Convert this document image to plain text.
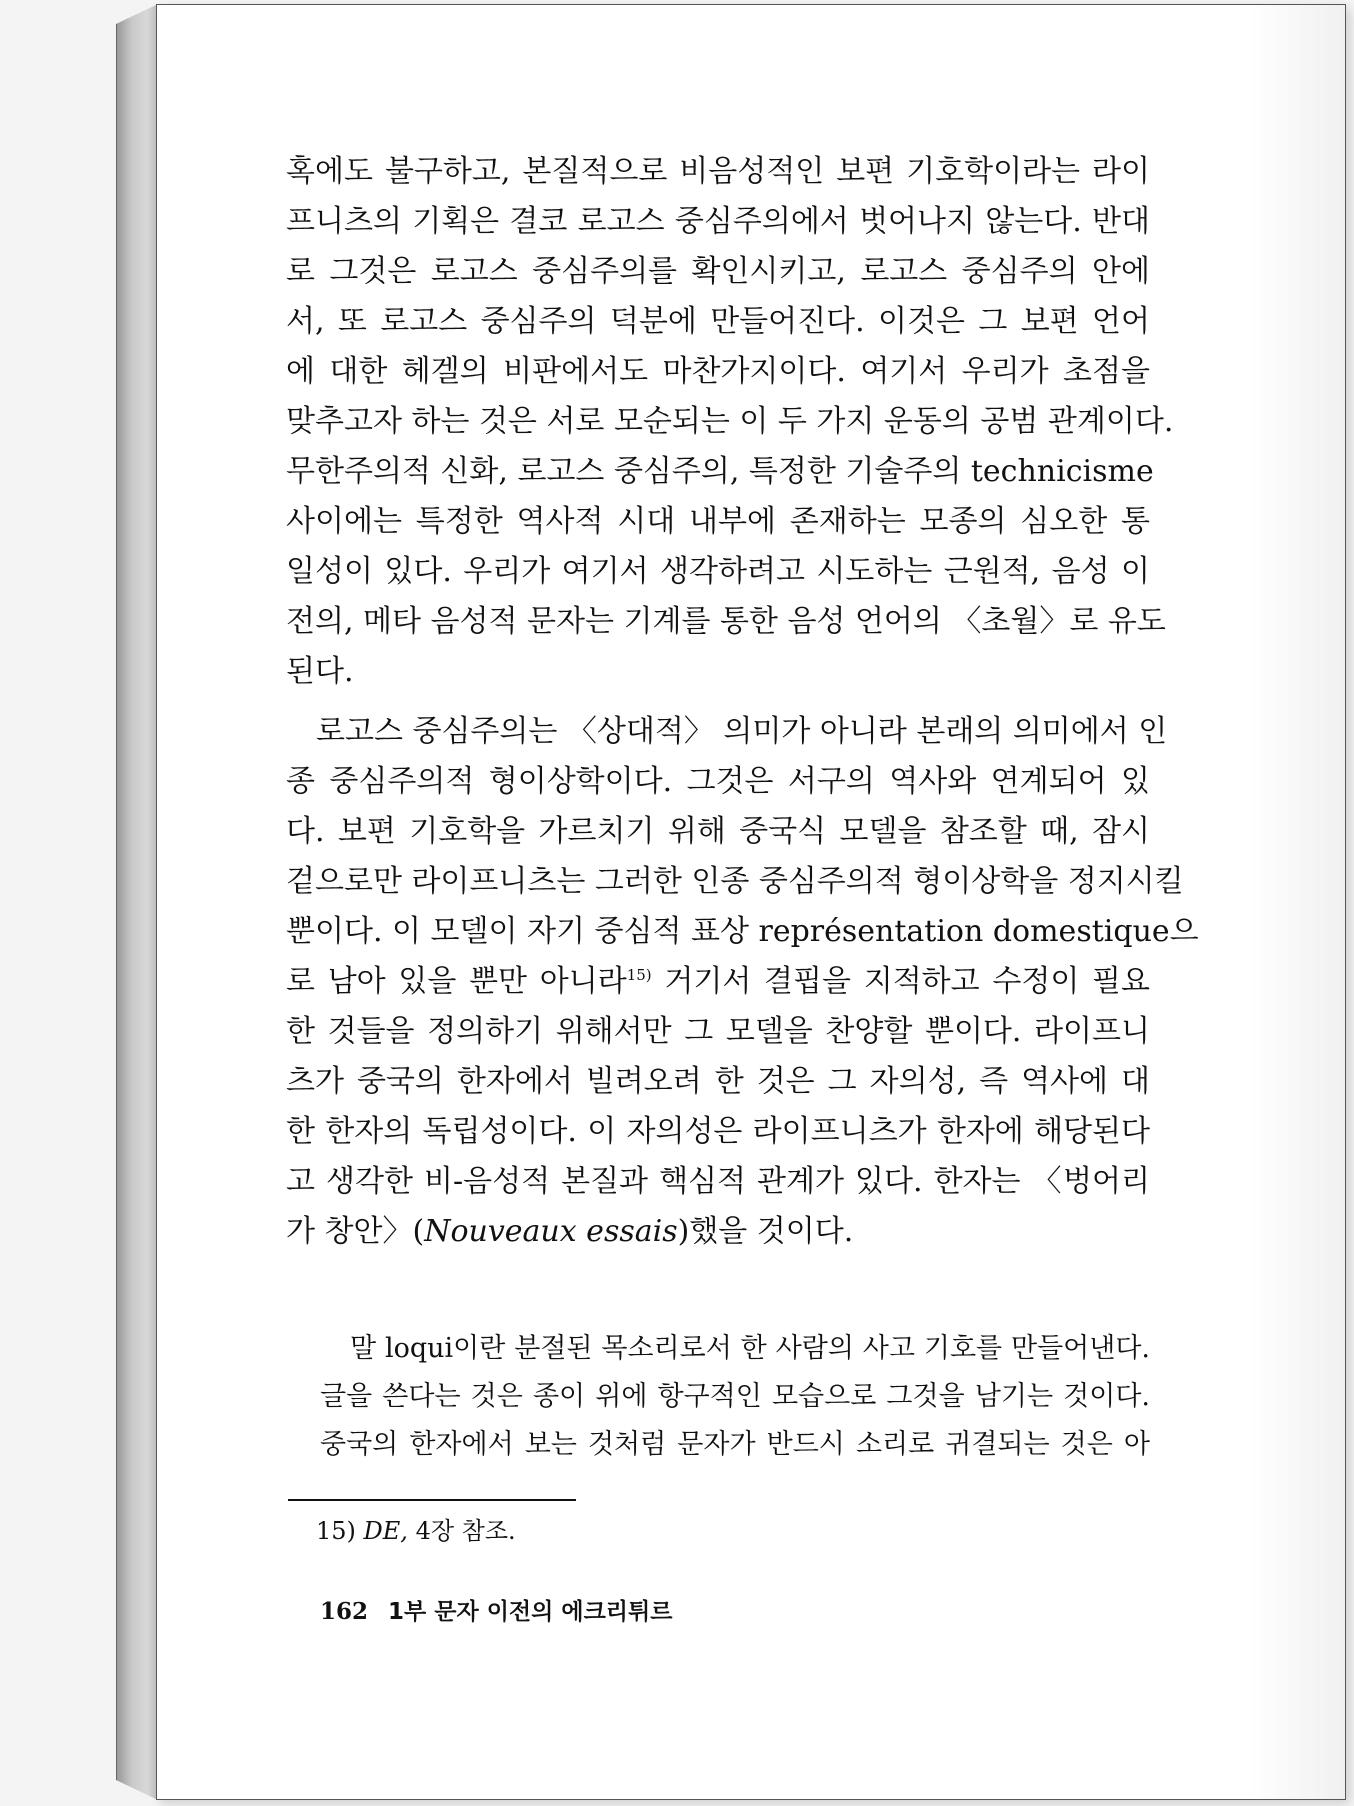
혹에도 불구하고, 본질적으로 비음성적인 보편 기호학이라는 라이
프니츠의 기획은 결코 로고스 중심주의에서 벗어나지 않는다. 반대
로 그것은 로고스 중심주의를 확인시키고, 로고스 중심주의 안에
서, 또 로고스 중심주의 덕분에 만들어진다. 이것은 그 보편 언어
에 대한 헤겔의 비판에서도 마찬가지이다. 여기서 우리가 초점을
맞추고자 하는 것은 서로 모순되는 이 두 가지 운동의 공범 관계이다.
무한주의적 신화, 로고스 중심주의, 특정한 기술주의 technicisme
사이에는 특정한 역사적 시대 내부에 존재하는 모종의 심오한 통
일성이 있다. 우리가 여기서 생각하려고 시도하는 근원적, 음성 이
전의, 메타 음성적 문자는 기계를 통한 음성 언어의 〈초월〉로 유도
된다.
로고스 중심주의는 〈상대적〉 의미가 아니라 본래의 의미에서 인
종 중심주의적 형이상학이다. 그것은 서구의 역사와 연계되어 있
다. 보편 기호학을 가르치기 위해 중국식 모델을 참조할 때, 잠시
겉으로만 라이프니츠는 그러한 인종 중심주의적 형이상학을 정지시킬
뿐이다. 이 모델이 자기 중심적 표상 représentation domestique으
로 남아 있을 뿐만 아니라$^{15)}$ 거기서 결핍을 지적하고 수정이 필요
한 것들을 정의하기 위해서만 그 모델을 찬양할 뿐이다. 라이프니
츠가 중국의 한자에서 빌려오려 한 것은 그 자의성, 즉 역사에 대
한 한자의 독립성이다. 이 자의성은 라이프니츠가 한자에 해당된다
고 생각한 비-음성적 본질과 핵심적 관계가 있다. 한자는 〈벙어리
가 창안〉(Nouveaux essais)했을 것이다.
말 loqui이란 분절된 목소리로서 한 사람의 사고 기호를 만들어낸다.
글을 쓴다는 것은 종이 위에 항구적인 모습으로 그것을 남기는 것이다.
중국의 한자에서 보는 것처럼 문자가 반드시 소리로 귀결되는 것은 아
15) DE, 4장 참조.
162 1부 문자 이전의 에크리튀르
